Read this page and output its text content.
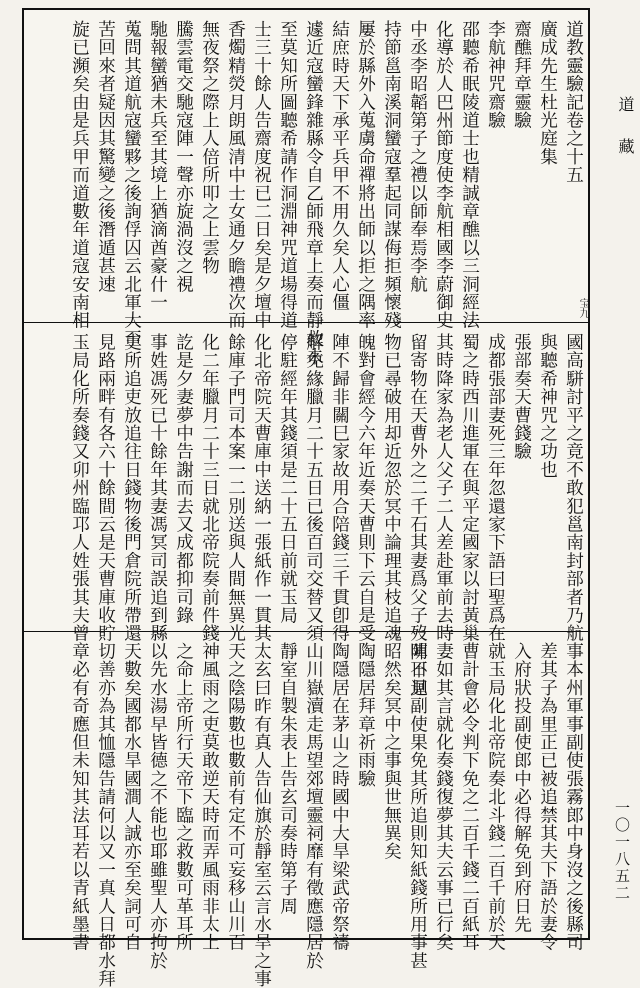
道教靈驗記卷之十五
廣成先生杜光庭集
齋醮拜章靈驗
李航神咒齋驗
邵聽希眠陵道士也精誠章醮以三洞經法
化導於人巴州節度使李航相國李蔚御史
中丞李昭韜第子之禮以師奉焉李航
持節邕南溪洞蠻寇羣起同謀侮拒頻懷殘
屢於縣外入蒐虜命禪將出師以拒之隅率
結庶時天下承平兵甲不用久矣人心僵
遽近寇蠻鋒雜縣令自乙師飛章上奏而靜救未
至莫知所圖聽希請作洞淵神咒道場得道
士三十餘人告齋度祝已二日矣是夕壇中
香燭精熒月朗風清中士女通夕瞻禮次而
無夜祭之際上人倍所叩之上雲物
騰雲電交馳寇陣一聲亦旋渦沒之視
馳報蠻猶未兵至其境上猶滴酋豪什一
蒐問其道航寇蠻夥之後詢俘囚云北軍大至
苦回來者疑因其驚變之後潛遁甚速
旋已瀕矣由是兵甲而道數年道寇安南相	宝九
國高駢討平之竟不敢犯邕南封部者乃航
與聽希神咒之功也
張部奏天曹錢驗
成都張部妻死三年忽還家下語曰聖爲在
蜀之時西川進軍在與平定國家以討黃巢
其時降家為老人父子二人差赴軍前去時
留寄物在天曹外之二千石其妻爲父子歿陣不迴
物已尋破用却近忽於冥中論理其枝追魂
魄對會經今六年近奏天曹則下云自是受
陣不歸非關巳家故用合陪錢三千貫卽得
解免緣臘月二十五日已後百司交替又須
停駐經年其錢須是二十五日前就玉局
化北帝院天曹庫中送納一張紙作一貫其
餘庫子門司本案一二別送與人間無異光
化二年臘月二十三日就北帝院奏前件錢
訖是夕妻夢中告謝而去又成都抑司錄
事姓馮死已十餘年其妻馮冥司誤追到縣
吏所追吏放追往日錢物後門倉院所帶還
見路兩畔有各六十餘間云是天曹庫收貯
玉局化所奏錢又卯州臨邛人姓張其夫曾
事本州軍事副使張霧郎中身沒之後縣司
差其子為里正已被追禁其夫下語於妻令
入府狀投副使郎中必得解免到府日先
就玉局化北帝院奏北斗錢二百千前於天
曹計會必令判下免之二百千錢二百紙耳
妻如其言就化奏錢復夢其夫云事已行矣
明日見副使果免其所追則知紙錢所用事甚
昭然矣冥中之事與世無異矣
陶隱居拜章祈雨驗
陶隱居在茅山之時國中大旱梁武帝祭禱
山川嶽瀆走馬望郊壇靈祠靡有徵應隱居於
靜室自製朱表上告玄司奏時第子周
太玄曰昨有真人告仙旗於靜室云言水旱之事
天之陰陽數也數前有定不可妄移山川百
神風雨之吏莫敢逆天時而弄風雨非太上
之命上帝所行天帝下臨之救數可革耳所
以先水湯早皆德之不能也耶雖聖人亦拘於
天數矣國都水旱國澗人誠亦至矣詞可自
切善亦為其恤隱告請何以又一真人日都水拜
章必有奇應但未知其法耳若以青紙墨書
道藏
一〇一八五二
